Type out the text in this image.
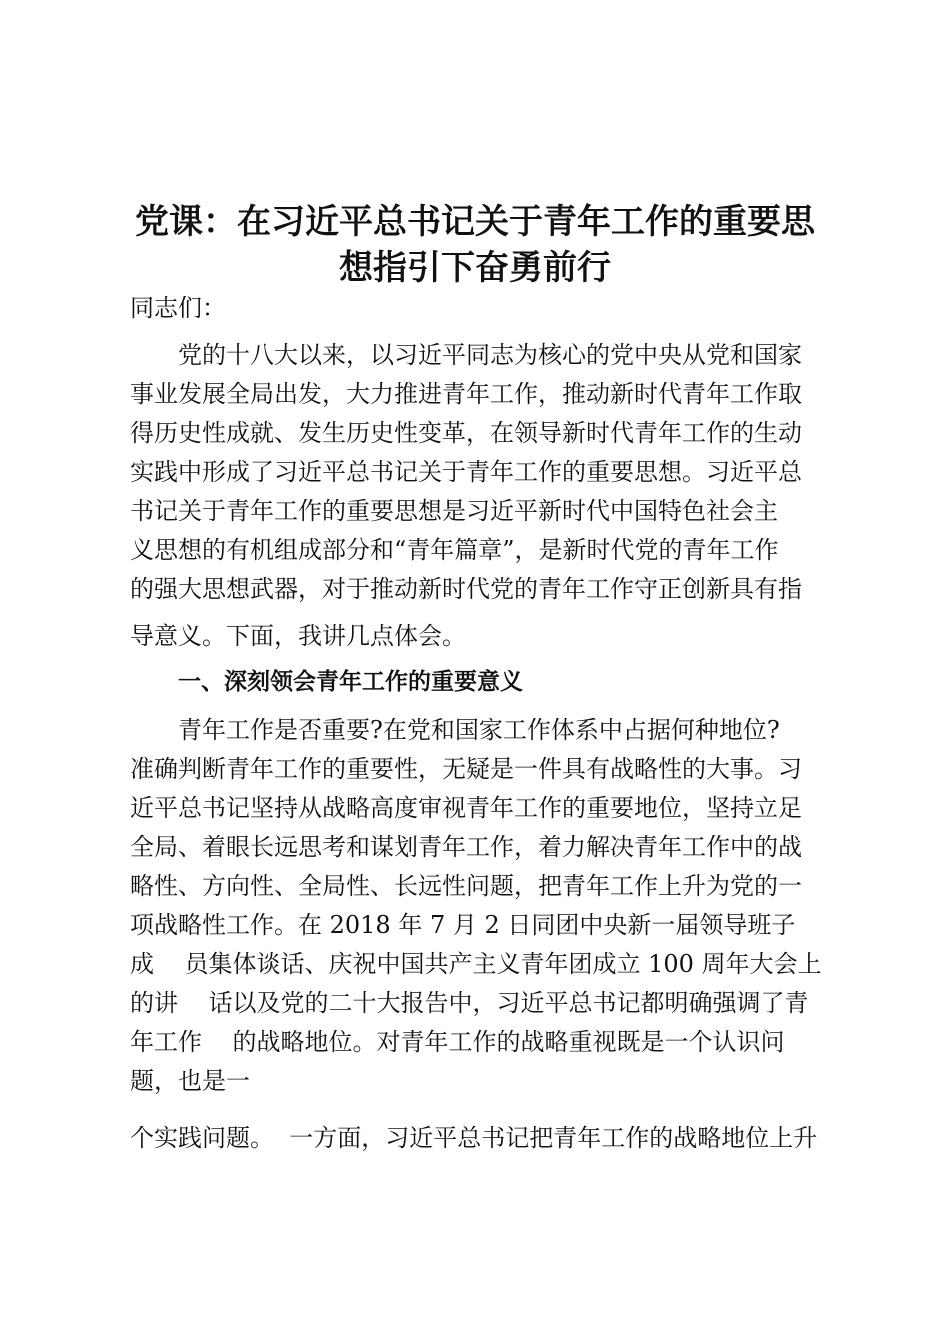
党课：在习近平总书记关于青年工作的重要思
想指引下奋勇前行

同志们：

党的十八大以来，以习近平同志为核心的党中央从党和国家

事业发展全局出发，大力推进青年工作，推动新时代青年工作取

得历史性成就、发生历史性变革，在领导新时代青年工作的生动

实践中形成了习近平总书记关于青年工作的重要思想。习近平总

书记关于青年工作的重要思想是习近平新时代中国特色社会主

义思想的有机组成部分和“青年篇章”，是新时代党的青年工作

的强大思想武器，对于推动新时代党的青年工作守正创新具有指

导意义。下面，我讲几点体会。

一、深刻领会青年工作的重要意义

青年工作是否重要?在党和国家工作体系中占据何种地位?

准确判断青年工作的重要性，无疑是一件具有战略性的大事。习

近平总书记坚持从战略高度审视青年工作的重要地位，坚持立足

全局、着眼长远思考和谋划青年工作，着力解决青年工作中的战

略性、方向性、全局性、长远性问题，把青年工作上升为党的一

项战略性工作。在 2018 年 7 月 2 日同团中央新一届领导班子

成    员集体谈话、庆祝中国共产主义青年团成立 100 周年大会上

的讲    话以及党的二十大报告中，习近平总书记都明确强调了青

年工作    的战略地位。对青年工作的战略重视既是一个认识问

题，也是一

个实践问题。  一方面，习近平总书记把青年工作的战略地位上升
